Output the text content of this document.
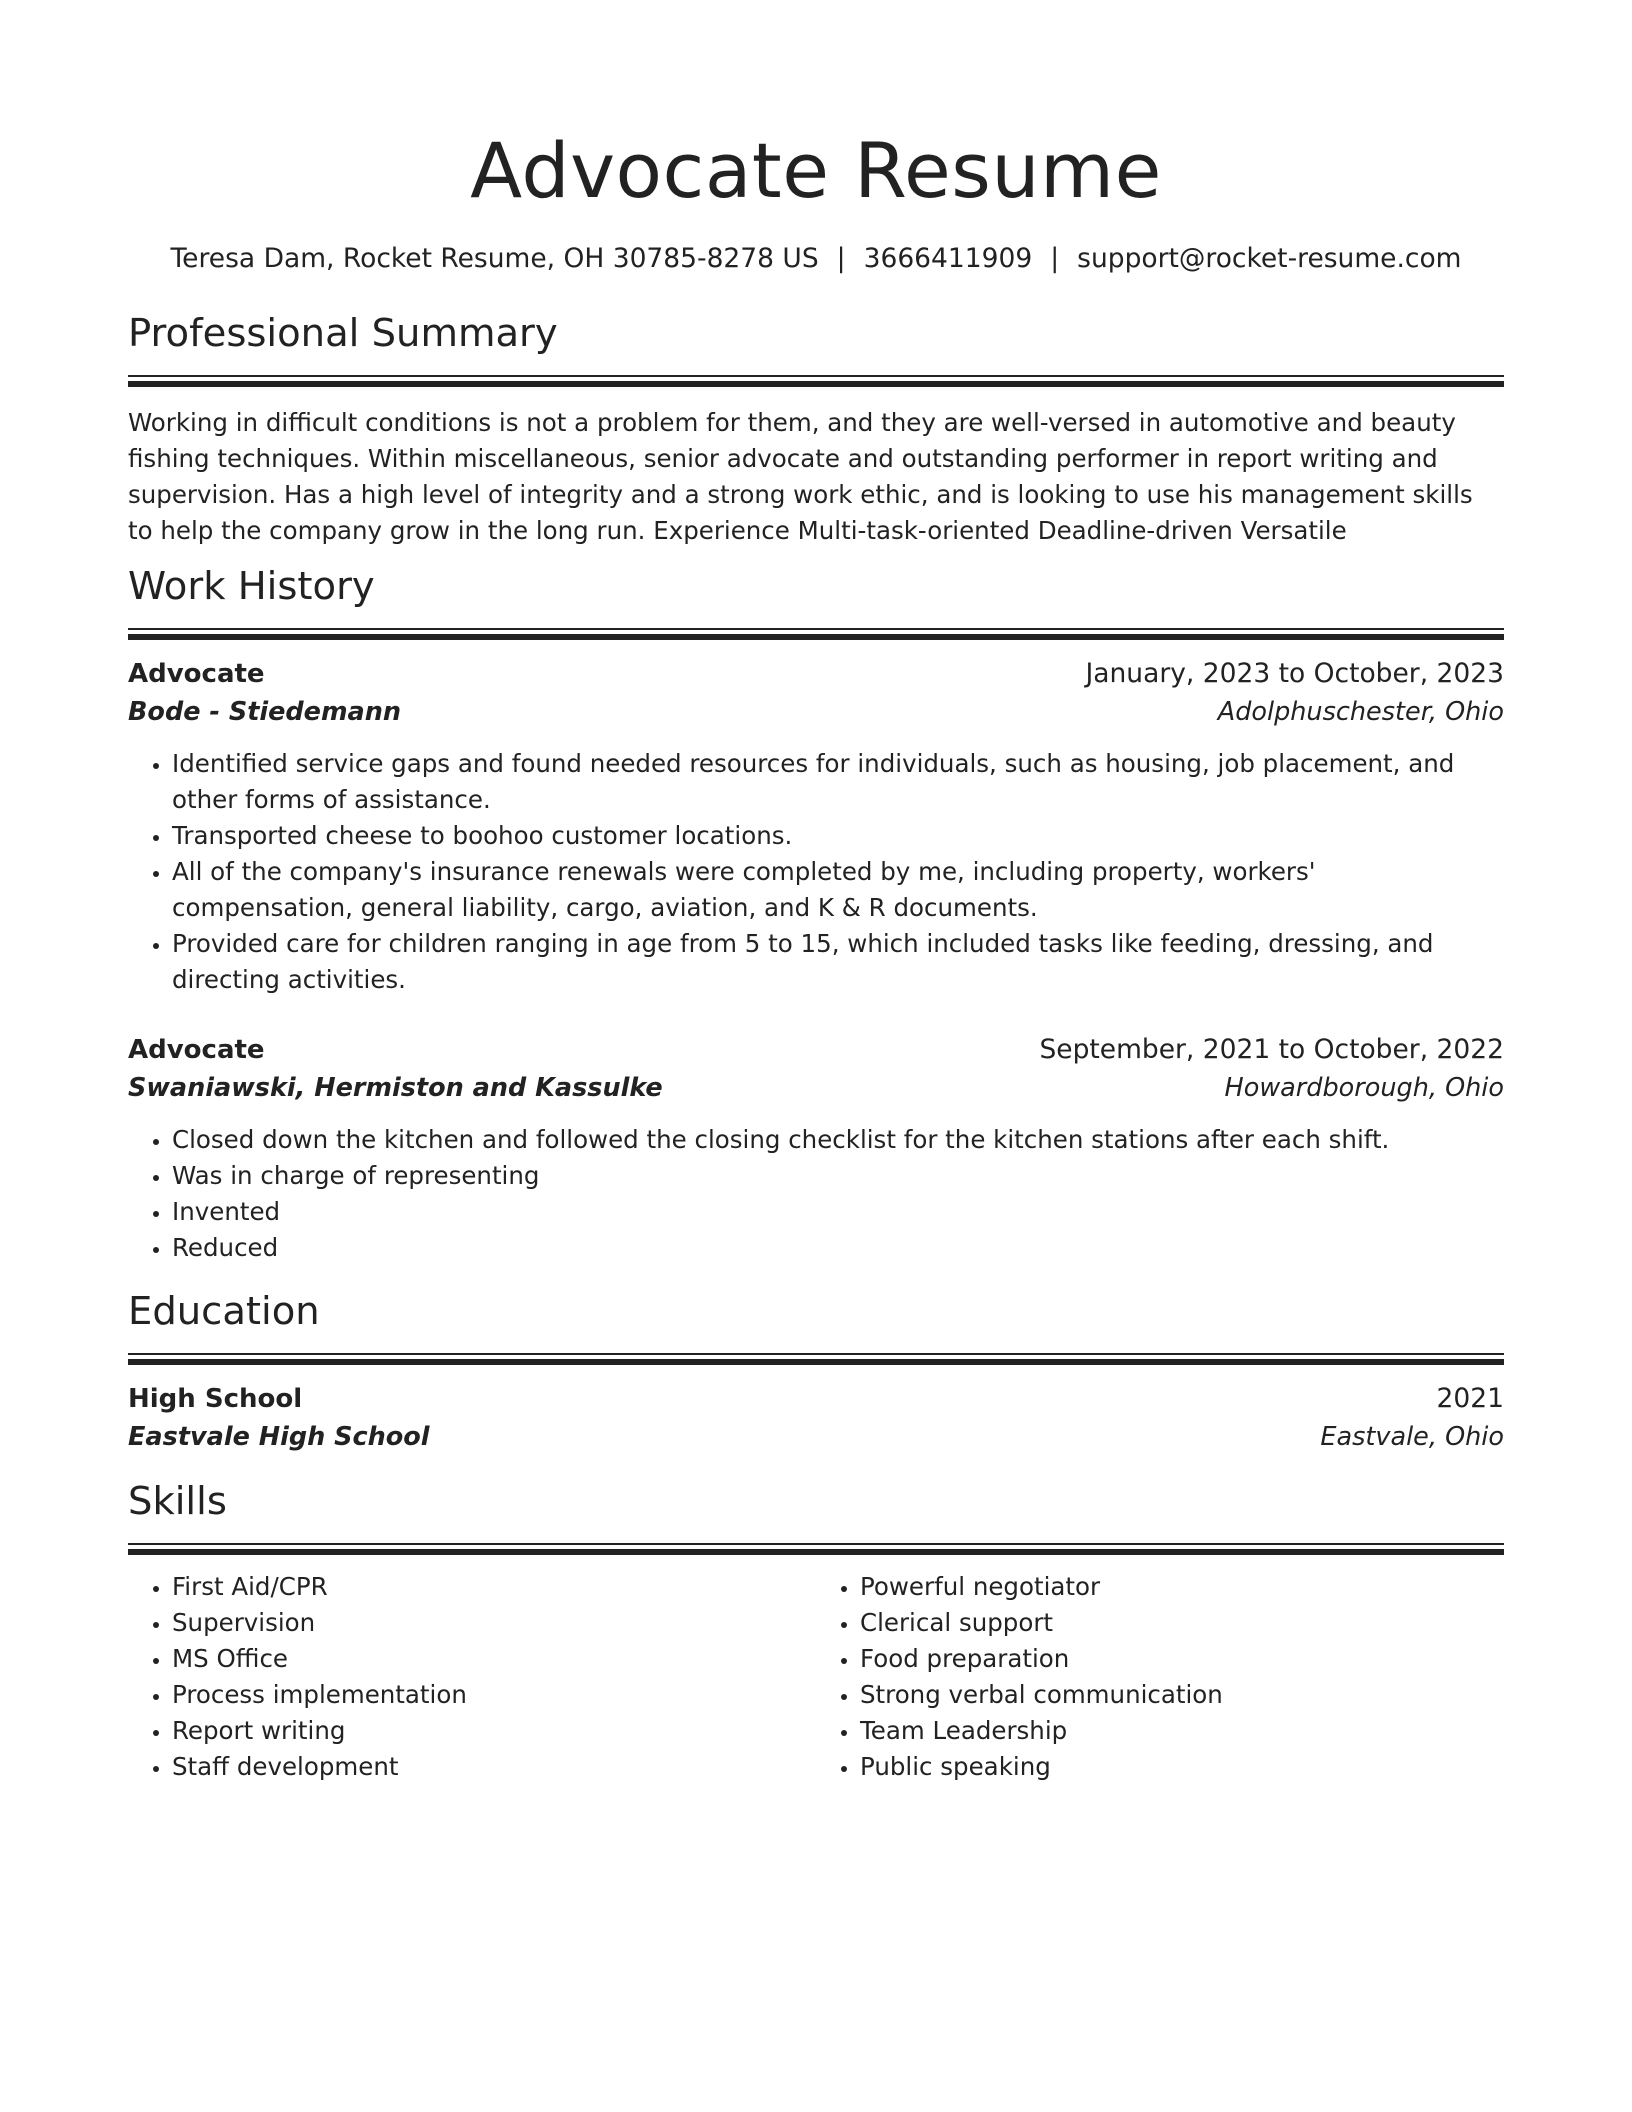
Advocate Resume
Teresa Dam, Rocket Resume, OH 30785-8278 US | 3666411909 | support@rocket-resume.com
Professional Summary

Working in difficult conditions is not a problem for them, and they are well-versed in automotive and beauty fishing techniques. Within miscellaneous, senior advocate and outstanding performer in report writing and supervision. Has a high level of integrity and a strong work ethic, and is looking to use his management skills to help the company grow in the long run. Experience Multi-task-oriented Deadline-driven Versatile

Work History
Advocate	January, 2023 to October, 2023
Bode - Stiedemann	Adolphuschester, Ohio
• Identified service gaps and found needed resources for individuals, such as housing, job placement, and other forms of assistance.
• Transported cheese to boohoo customer locations.
• All of the company's insurance renewals were completed by me, including property, workers' compensation, general liability, cargo, aviation, and K & R documents.
• Provided care for children ranging in age from 5 to 15, which included tasks like feeding, dressing, and directing activities.
Advocate	September, 2021 to October, 2022
Swaniawski, Hermiston and Kassulke	Howardborough, Ohio
• Closed down the kitchen and followed the closing checklist for the kitchen stations after each shift.
• Was in charge of representing
• Invented
• Reduced
Education
High School	2021
Eastvale High School	Eastvale, Ohio
Skills
• First Aid/CPR
• Supervision
• MS Office
• Process implementation
• Report writing
• Staff development
• Powerful negotiator
• Clerical support
• Food preparation
• Strong verbal communication
• Team Leadership
• Public speaking
